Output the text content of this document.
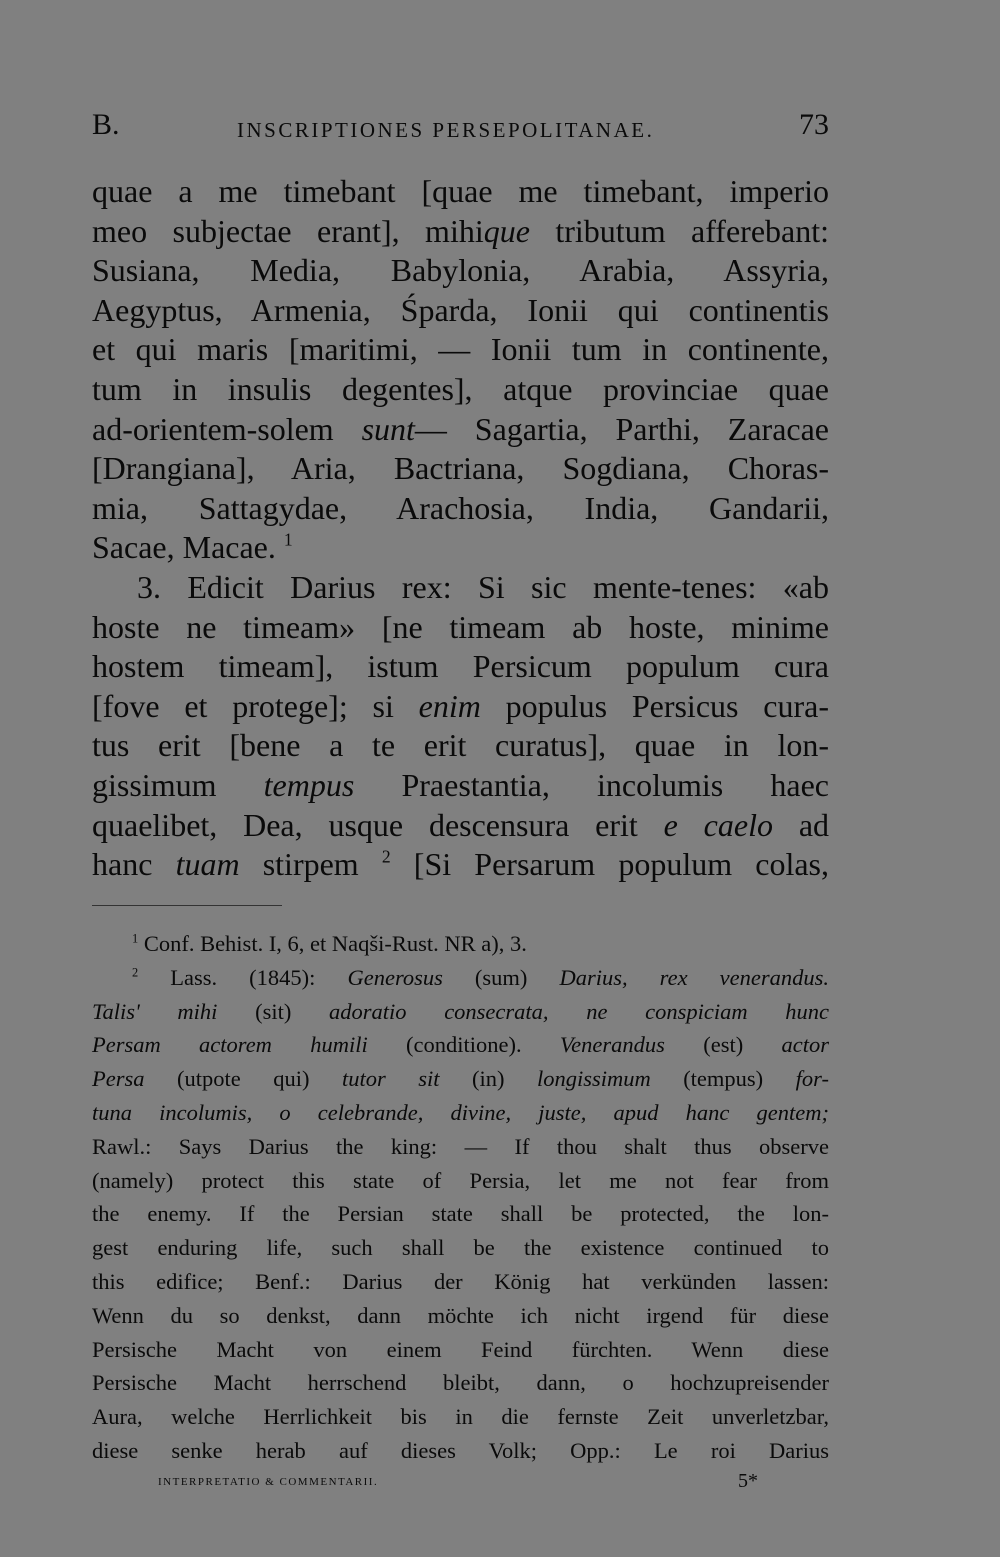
B.	INSCRIPTIONES PERSEPOLITANAE.	73
quae a me timebant [quae me timebant, imperio
meo subjectae erant], mihique tributum afferebant:
Susiana, Media, Babylonia, Arabia, Assyria,
Aegyptus, Armenia, Śparda, Ionii qui continentis
et qui maris [maritimi, — Ionii tum in continente,
tum in insulis degentes], atque provinciae quae
ad-orientem-solem sunt— Sagartia, Parthi, Zaracae
[Drangiana], Aria, Bactriana, Sogdiana, Choras-
mia, Sattagydae, Arachosia, India, Gandarii,
Sacae, Macae. $^1$
3. Edicit Darius rex: Si sic mente-tenes: «ab
hoste ne timeam» [ne timeam ab hoste, minime
hostem timeam], istum Persicum populum cura
[fove et protege]; si enim populus Persicus cura-
tus erit [bene a te erit curatus], quae in lon-
gissimum tempus Praestantia, incolumis haec
quaelibet, Dea, usque descensura erit e caelo ad
hanc tuam stirpem $^2$ [Si Persarum populum colas,
$^1$ Conf. Behist. I, 6, et Naqši-Rust. NR a), 3.
$^2$ Lass. (1845): Generosus (sum) Darius, rex venerandus.
Talis' mihi (sit) adoratio consecrata, ne conspiciam hunc
Persam actorem humili (conditione). Venerandus (est) actor
Persa (utpote qui) tutor sit (in) longissimum (tempus) for-
tuna incolumis, o celebrande, divine, juste, apud hanc gentem;
Rawl.: Says Darius the king: — If thou shalt thus observe
(namely) protect this state of Persia, let me not fear from
the enemy. If the Persian state shall be protected, the lon-
gest enduring life, such shall be the existence continued to
this edifice; Benf.: Darius der König hat verkünden lassen:
Wenn du so denkst, dann möchte ich nicht irgend für diese
Persische Macht von einem Feind fürchten. Wenn diese
Persische Macht herrschend bleibt, dann, o hochzupreisender
Aura, welche Herrlichkeit bis in die fernste Zeit unverletzbar,
diese senke herab auf dieses Volk; Opp.: Le roi Darius
INTERPRETATIO & COMMENTARII.	5*
